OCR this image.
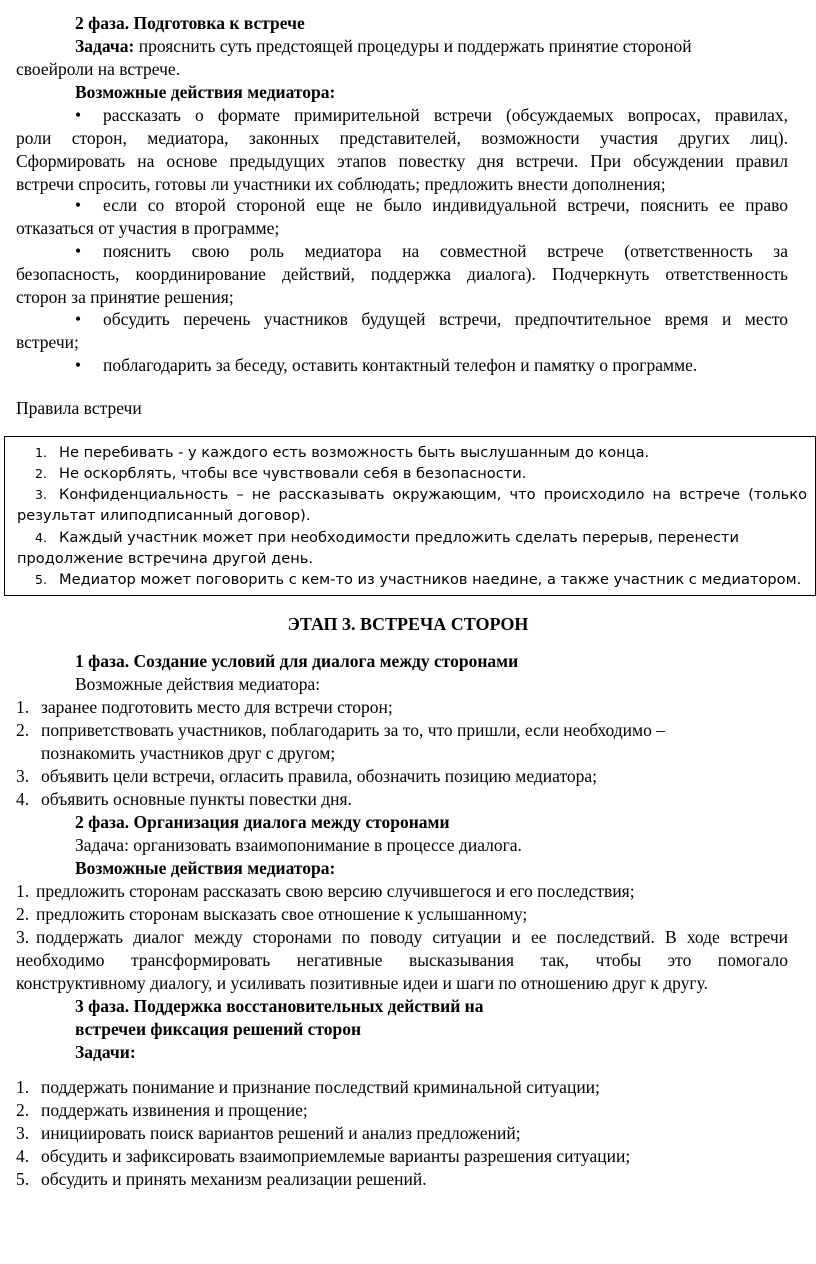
2 фаза. Подготовка к встрече
Задача: прояснить суть предстоящей процедуры и поддержать принятие стороной
своейроли на встрече.
Возможные действия медиатора:
• рассказать о формате примирительной встречи (обсуждаемых вопросах, правилах,
роли сторон, медиатора, законных представителей, возможности участия других лиц).
Сформировать на основе предыдущих этапов повестку дня встречи. При обсуждении правил
встречи спросить, готовы ли участники их соблюдать; предложить внести дополнения;
• если со второй стороной еще не было индивидуальной встречи, пояснить ее право
отказаться от участия в программе;
• пояснить свою роль медиатора на совместной встрече (ответственность за
безопасность, координирование действий, поддержка диалога). Подчеркнуть ответственность
сторон за принятие решения;
• обсудить перечень участников будущей встречи, предпочтительное время и место
встречи;
• поблагодарить за беседу, оставить контактный телефон и памятку о программе.
Правила встречи
1. Не перебивать - у каждого есть возможность быть выслушанным до конца.
2. Не оскорблять, чтобы все чувствовали себя в безопасности.
3. Конфиденциальность – не рассказывать окружающим, что происходило на встрече (только
результат илиподписанный договор).
4. Каждый участник может при необходимости предложить сделать перерыв, перенести
продолжение встречина другой день.
5. Медиатор может поговорить с кем-то из участников наедине, а также участник с медиатором.
ЭТАП 3. ВСТРЕЧА СТОРОН
1 фаза. Создание условий для диалога между сторонами
Возможные действия медиатора:
1. заранее подготовить место для встречи сторон;
2. поприветствовать участников, поблагодарить за то, что пришли, если необходимо –
познакомить участников друг с другом;
3. объявить цели встречи, огласить правила, обозначить позицию медиатора;
4. объявить основные пункты повестки дня.
2 фаза. Организация диалога между сторонами
Задача: организовать взаимопонимание в процессе диалога.
Возможные действия медиатора:
1. предложить сторонам рассказать свою версию случившегося и его последствия;
2. предложить сторонам высказать свое отношение к услышанному;
3. поддержать диалог между сторонами по поводу ситуации и ее последствий. В ходе встречи
необходимо трансформировать негативные высказывания так, чтобы это помогало
конструктивному диалогу, и усиливать позитивные идеи и шаги по отношению друг к другу.
3 фаза. Поддержка восстановительных действий на
встречеи фиксация решений сторон
Задачи:
1. поддержать понимание и признание последствий криминальной ситуации;
2. поддержать извинения и прощение;
3. инициировать поиск вариантов решений и анализ предложений;
4. обсудить и зафиксировать взаимоприемлемые варианты разрешения ситуации;
5. обсудить и принять механизм реализации решений.
